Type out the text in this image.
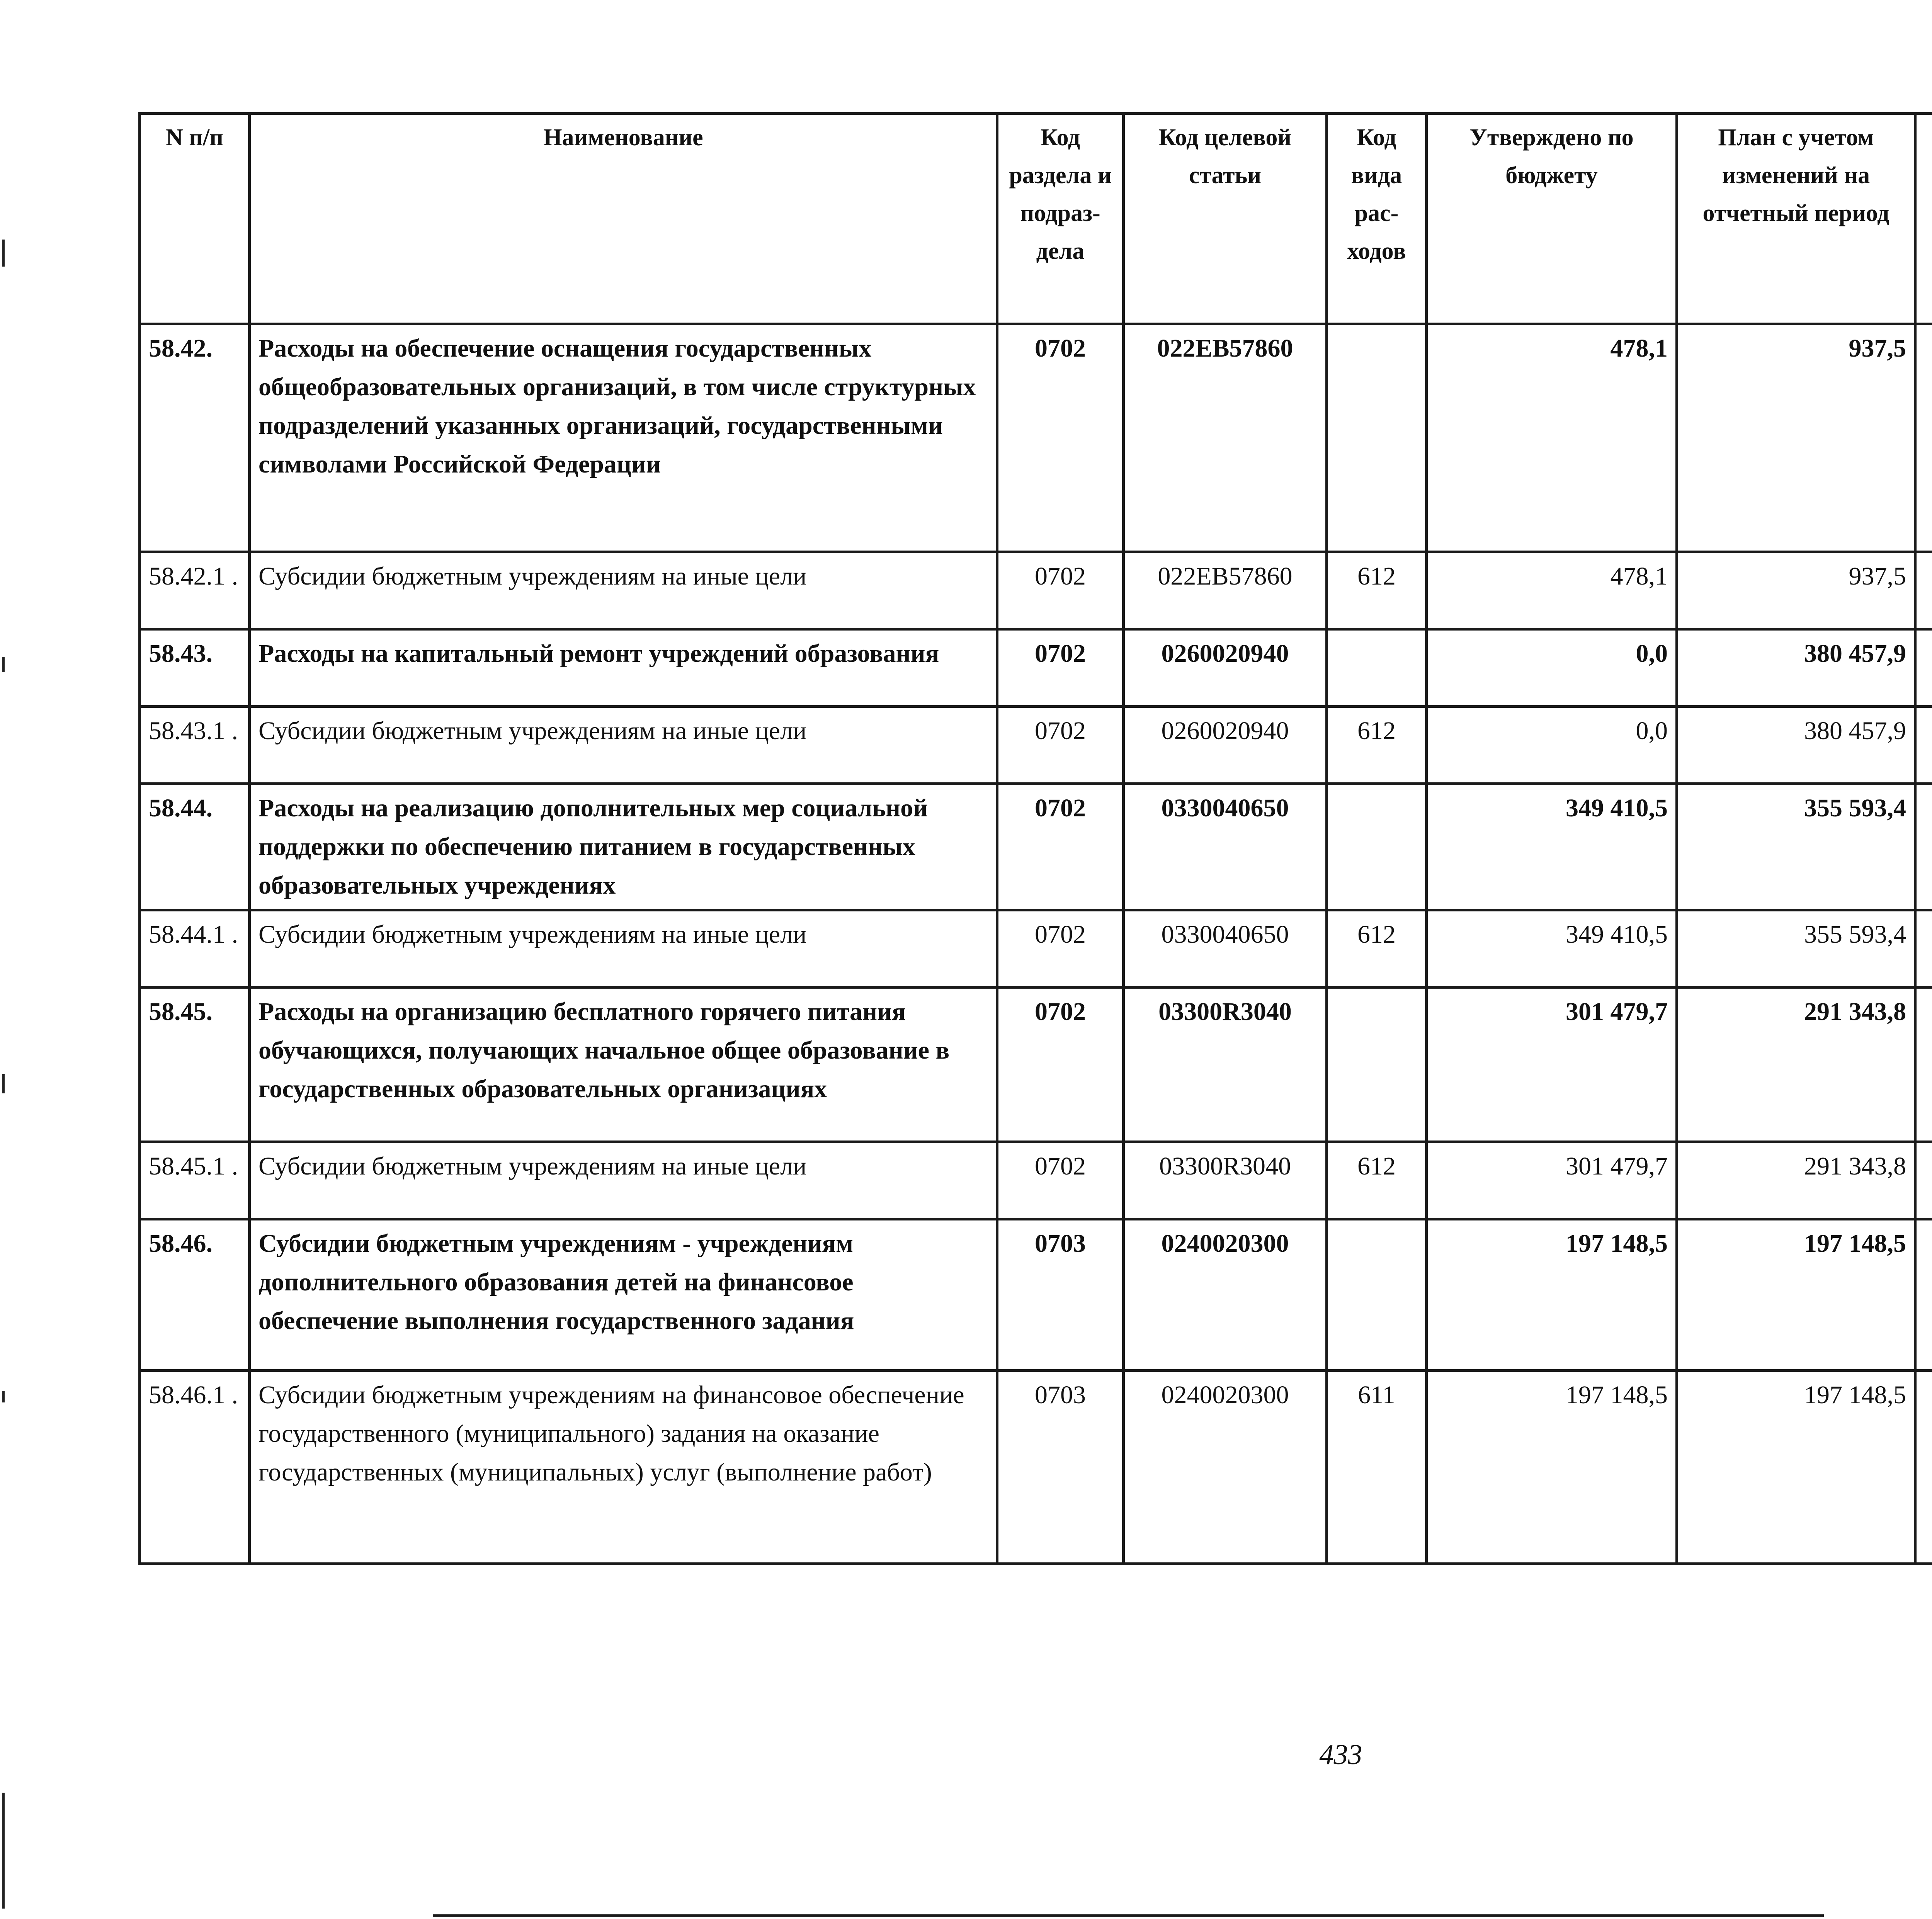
N п/п	Наименование	Код раздела и подраз- дела	Код целевой статьи	Код вида рас- ходов	Утверждено по бюджету	План с учетом изменений на отчетный период		

58.42.	Расходы на обеспечение оснащения государственных общеобразовательных организаций, в том числе структурных подразделений указанных организаций, государственными символами Российской Федерации	0702	022ЕВ57860		478,1	937,5			
58.42.1 .	Субсидии бюджетным учреждениям на иные цели	0702	022ЕВ57860	612	478,1	937,5			
58.43.	Расходы на капитальный ремонт учреждений образования	0702	0260020940		0,0	380 457,9			
58.43.1 .	Субсидии бюджетным учреждениям на иные цели	0702	0260020940	612	0,0	380 457,9			
58.44.	Расходы на реализацию дополнительных мер социальной поддержки по обеспечению питанием в государственных образовательных учреждениях	0702	0330040650		349 410,5	355 593,4			
58.44.1 .	Субсидии бюджетным учреждениям на иные цели	0702	0330040650	612	349 410,5	355 593,4			
58.45.	Расходы на организацию бесплатного горячего питания обучающихся, получающих начальное общее образование в государственных образовательных организациях	0702	03300R3040		301 479,7	291 343,8			
58.45.1 .	Субсидии бюджетным учреждениям на иные цели	0702	03300R3040	612	301 479,7	291 343,8			
58.46.	Субсидии бюджетным учреждениям - учреждениям дополнительного образования детей на финансовое обеспечение выполнения государственного задания	0703	0240020300		197 148,5	197 148,5			
58.46.1 .	Субсидии бюджетным учреждениям на финансовое обеспечение государственного (муниципального) задания на оказание государственных (муниципальных) услуг (выполнение работ)	0703	0240020300	611	197 148,5	197 148,5			
433
